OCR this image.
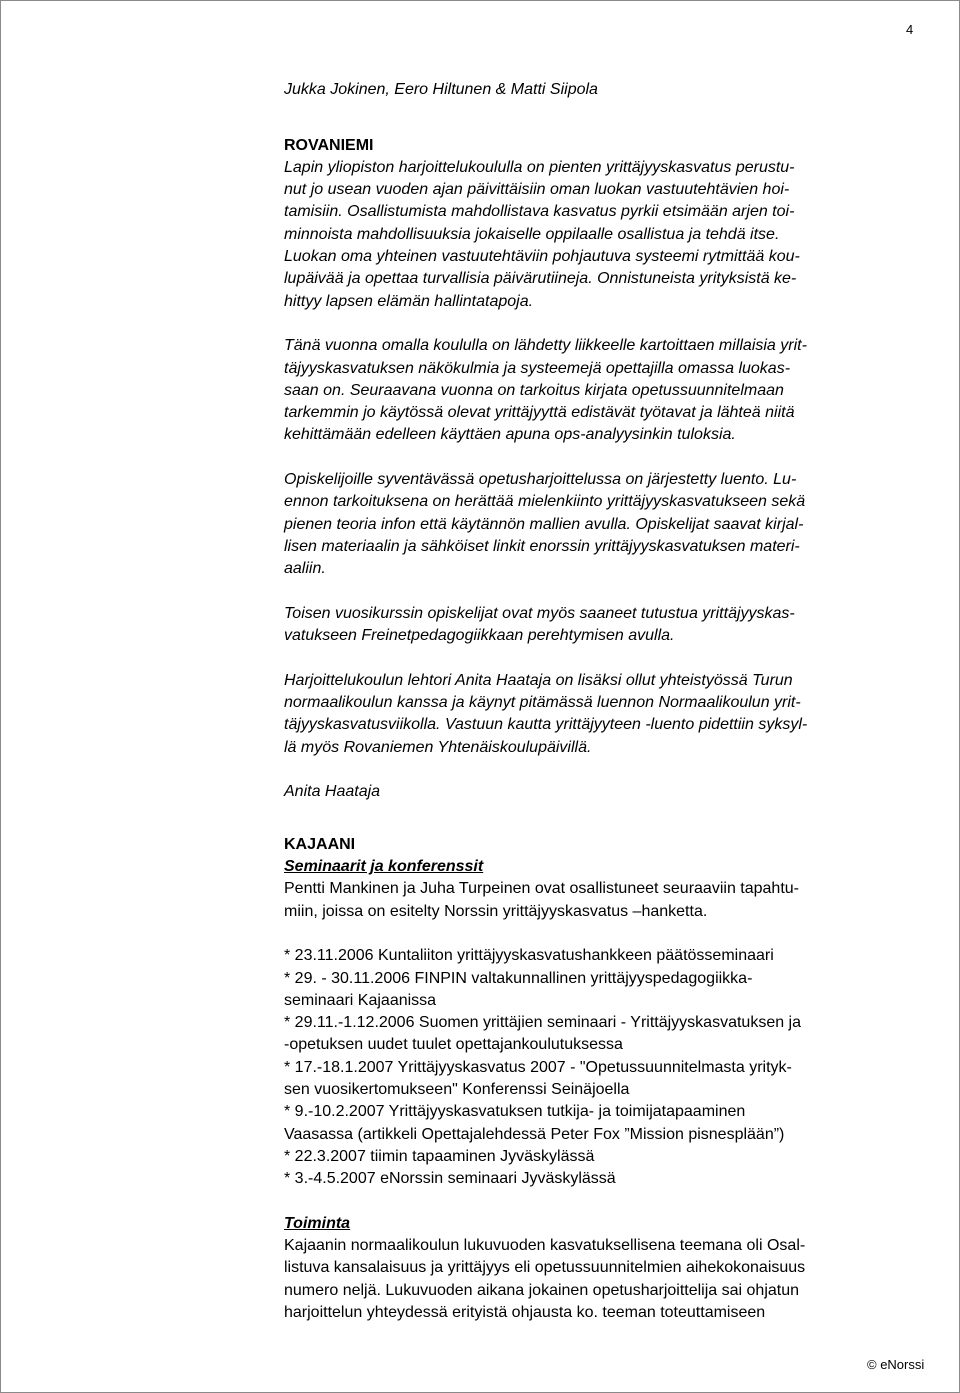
4
Jukka Jokinen, Eero Hiltunen & Matti Siipola
ROVANIEMI
Lapin yliopiston harjoittelukoululla on pienten yrittäjyyskasvatus perustu-
nut jo usean vuoden ajan päivittäisiin oman luokan vastuutehtävien hoi-
tamisiin. Osallistumista mahdollistava kasvatus pyrkii etsimään arjen toi-
minnoista mahdollisuuksia jokaiselle oppilaalle osallistua ja tehdä itse.
Luokan oma yhteinen vastuutehtäviin pohjautuva systeemi rytmittää kou-
lupäivää ja opettaa turvallisia päivärutiineja. Onnistuneista yrityksistä ke-
hittyy lapsen elämän hallintatapoja.
Tänä vuonna omalla koululla on lähdetty liikkeelle kartoittaen millaisia yrit-
täjyyskasvatuksen näkökulmia ja systeemejä opettajilla omassa luokas-
saan on. Seuraavana vuonna on tarkoitus kirjata opetussuunnitelmaan
tarkemmin jo käytössä olevat yrittäjyyttä edistävät työtavat ja lähteä niitä
kehittämään edelleen käyttäen apuna ops-analyysinkin tuloksia.
Opiskelijoille syventävässä opetusharjoittelussa on järjestetty luento. Lu-
ennon tarkoituksena on herättää mielenkiinto yrittäjyyskasvatukseen sekä
pienen teoria infon että käytännön mallien avulla. Opiskelijat saavat kirjal-
lisen materiaalin ja sähköiset linkit enorssin yrittäjyyskasvatuksen materi-
aaliin.
Toisen vuosikurssin opiskelijat ovat myös saaneet tutustua yrittäjyyskas-
vatukseen Freinetpedagogiikkaan perehtymisen avulla.
Harjoittelukoulun lehtori Anita Haataja on lisäksi ollut yhteistyössä Turun
normaalikoulun kanssa ja käynyt pitämässä luennon Normaalikoulun yrit-
täjyyskasvatusviikolla. Vastuun kautta yrittäjyyteen -luento pidettiin syksyl-
lä myös Rovaniemen Yhtenäiskoulupäivillä.
Anita Haataja
KAJAANI
Seminaarit ja konferenssit
Pentti Mankinen ja Juha Turpeinen ovat osallistuneet seuraaviin tapahtu-
miin, joissa on esitelty Norssin yrittäjyyskasvatus –hanketta.
* 23.11.2006 Kuntaliiton yrittäjyyskasvatushankkeen päätösseminaari
* 29. - 30.11.2006 FINPIN valtakunnallinen yrittäjyyspedagogiikka-
seminaari Kajaanissa
* 29.11.-1.12.2006 Suomen yrittäjien seminaari - Yrittäjyyskasvatuksen ja
-opetuksen uudet tuulet opettajankoulutuksessa
* 17.-18.1.2007 Yrittäjyyskasvatus 2007 - "Opetussuunnitelmasta yrityk-
sen vuosikertomukseen" Konferenssi Seinäjoella
* 9.-10.2.2007 Yrittäjyyskasvatuksen tutkija- ja toimijatapaaminen
Vaasassa (artikkeli Opettajalehdessä Peter Fox ”Mission pisnesplään”)
* 22.3.2007 tiimin tapaaminen Jyväskylässä
* 3.-4.5.2007 eNorssin seminaari Jyväskylässä
Toiminta
Kajaanin normaalikoulun lukuvuoden kasvatuksellisena teemana oli Osal-
listuva kansalaisuus ja yrittäjyys eli opetussuunnitelmien aihekokonaisuus
numero neljä. Lukuvuoden aikana jokainen opetusharjoittelija sai ohjatun
harjoittelun yhteydessä erityistä ohjausta ko. teeman toteuttamiseen
© eNorssi
